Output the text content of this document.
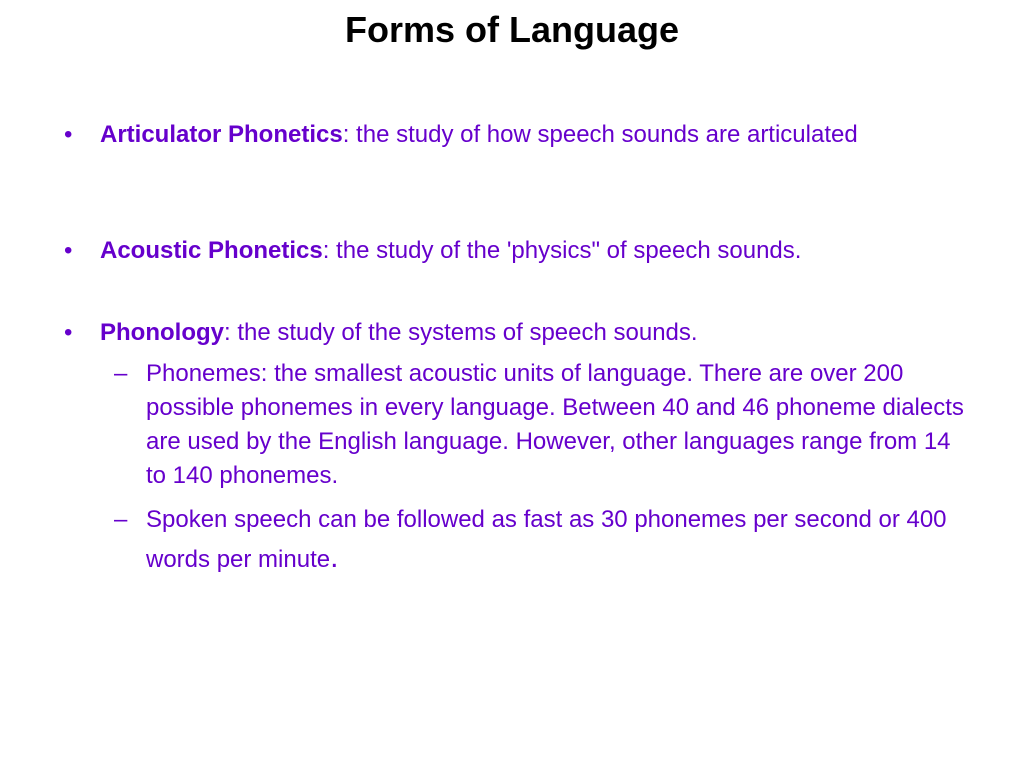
Forms of Language
• Articulator Phonetics: the study of how speech sounds are articulated
• Acoustic Phonetics: the study of the 'physics" of speech sounds.
• Phonology: the study of the systems of speech sounds.
– Phonemes: the smallest acoustic units of language. There are over 200 possible phonemes in every language. Between 40 and 46 phoneme dialects are used by the English language. However, other languages range from 14 to 140 phonemes.
– Spoken speech can be followed as fast as 30 phonemes per second or 400 words per minute.
